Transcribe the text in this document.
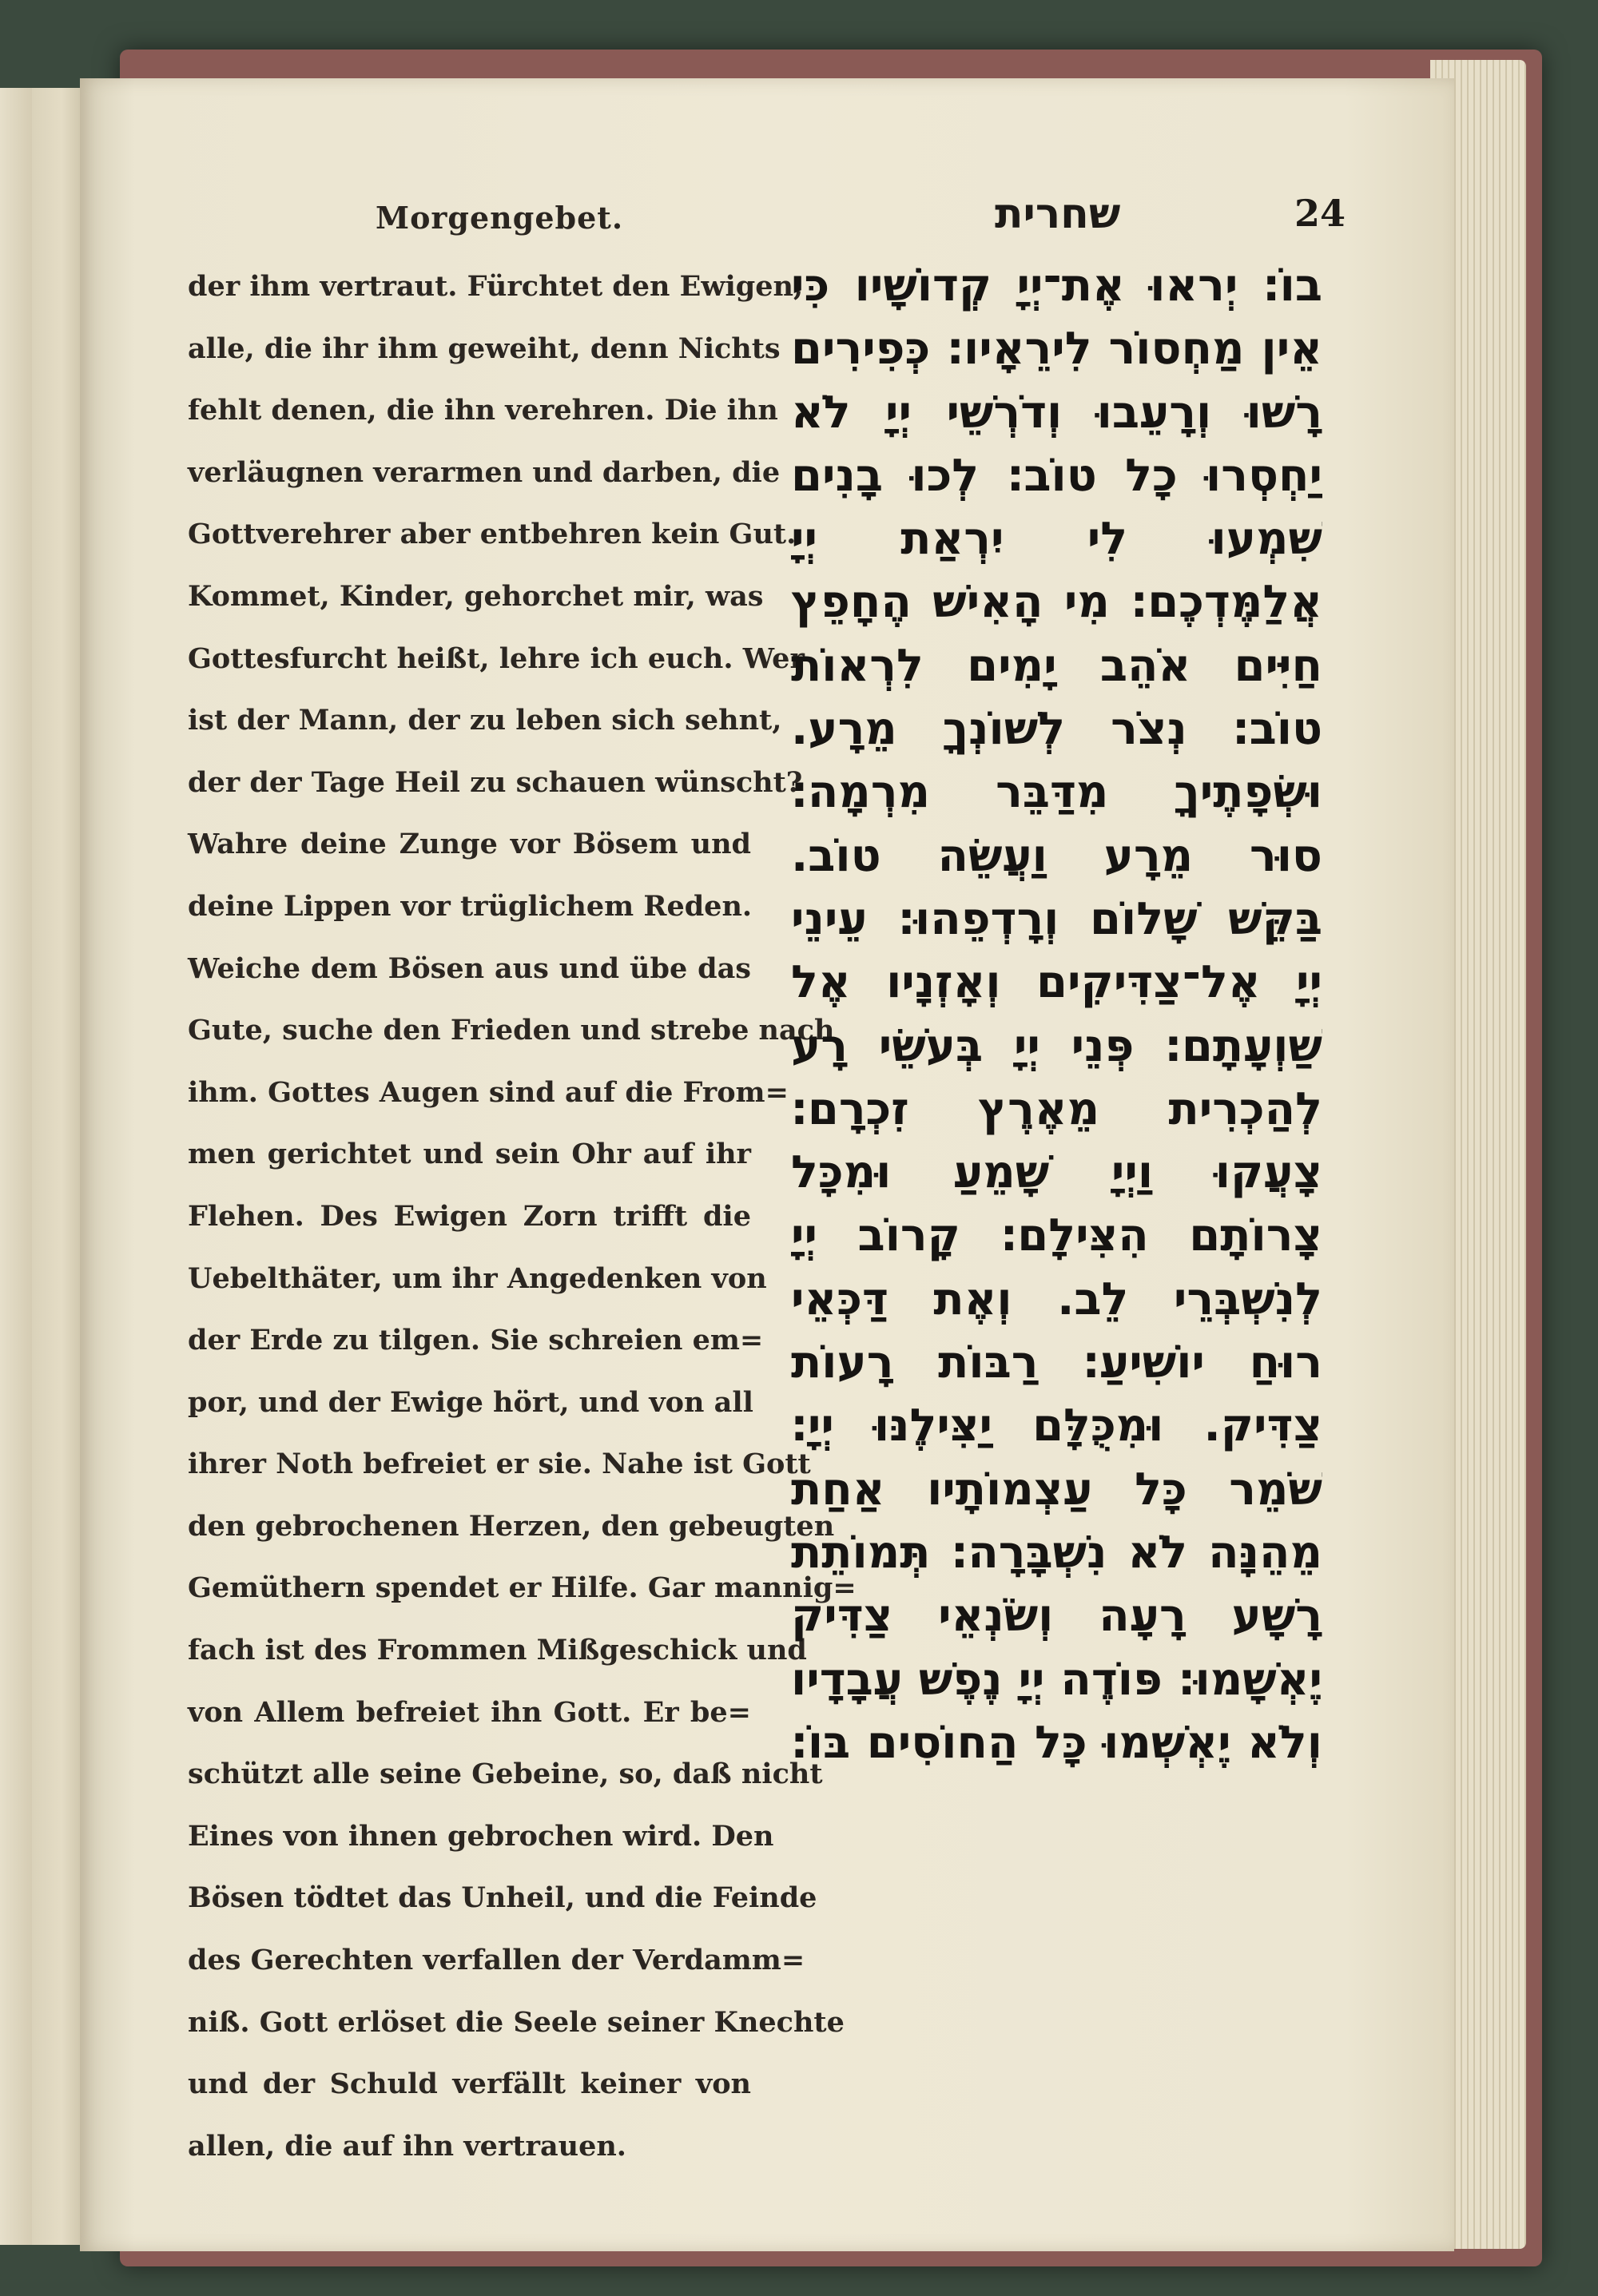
Morgengebet.	שחרית	24
der ihm vertraut. Fürchtet den Ewigen,
alle, die ihr ihm geweiht, denn Nichts
fehlt denen, die ihn verehren. Die ihn
verläugnen verarmen und darben, die
Gottverehrer aber entbehren kein Gut.
Kommet, Kinder, gehorchet mir, was
Gottesfurcht heißt, lehre ich euch. Wer
ist der Mann, der zu leben sich sehnt,
der der Tage Heil zu schauen wünscht?
Wahre deine Zunge vor Bösem und
deine Lippen vor trüglichem Reden.
Weiche dem Bösen aus und übe das
Gute, suche den Frieden und strebe nach
ihm. Gottes Augen sind auf die From=
men gerichtet und sein Ohr auf ihr
Flehen. Des Ewigen Zorn trifft die
Uebelthäter, um ihr Angedenken von
der Erde zu tilgen. Sie schreien em=
por, und der Ewige hört, und von all
ihrer Noth befreiet er sie. Nahe ist Gott
den gebrochenen Herzen, den gebeugten
Gemüthern spendet er Hilfe. Gar mannig=
fach ist des Frommen Mißgeschick und
von Allem befreiet ihn Gott. Er be=
schützt alle seine Gebeine, so, daß nicht
Eines von ihnen gebrochen wird. Den
Bösen tödtet das Unheil, und die Feinde
des Gerechten verfallen der Verdamm=
niß. Gott erlöset die Seele seiner Knechte
und der Schuld verfällt keiner von
allen, die auf ihn vertrauen.
בוֹ׃ יְראוּ אֶת־יְיָ קְדוֹשָׁיו כִּי
אֵין מַחְסוֹר לִירֵאָיו׃ כְּפִירִים
רָשׁוּ וְרָעֵבוּ וְדֹרְשֵׁי יְיָ לֹא
יַחְסְרוּ כָל טוֹב׃ לְכוּ בָנִים
שִׁמְעוּ לִי יִרְאַת יְיָ
אֲלַמֶּדְכֶם׃ מִי הָאִישׁ הֶחָפֵץ
חַיִּים אֹהֵב יָמִים לִרְאוֹת
טוֹב׃ נְצֹר לְשׁוֹנְךָ מֵרָע.
וּשְׂפָתֶיךָ מִדַּבֵּר מִרְמָה׃
סוּר מֵרָע וַעֲשֵׂה טוֹב.
בַּקֵּשׁ שָׁלוֹם וְרָדְפֵהוּ׃ עֵינֵי
יְיָ אֶל־צַדִּיקִים וְאָזְנָיו אֶל
שַׁוְעָתָם׃ פְּנֵי יְיָ בְּעֹשֵׂי רָע
לְהַכְרִית מֵאֶרֶץ זִכְרָם׃
צָעֲקוּ וַיְיָ שָׁמֵעַ וּמִכָּל
צָרוֹתָם הִצִּילָם׃ קָרוֹב יְיָ
לְנִשְׁבְּרֵי לֵב. וְאֶת דַּכְּאֵי
רוּחַ יוֹשִׁיעַ׃ רַבּוֹת רָעוֹת
צַדִּיק. וּמִכֻּלָּם יַצִּילֶנּוּ יְיָ׃
שֹׁמֵר כָּל עַצְמוֹתָיו אַחַת
מֵהֵנָּה לֹא נִשְׁבָּרָה׃ תְּמוֹתֵת
רָשָׁע רָעָה וְשֹׂנְאֵי צַדִּיק
יֶאְשָׁמוּ׃ פּוֹדֶה יְיָ נֶפֶשׁ עֲבָדָיו
וְלֹא יֶאְשְׁמוּ כָּל הַחוֹסִים בּוֹ׃
